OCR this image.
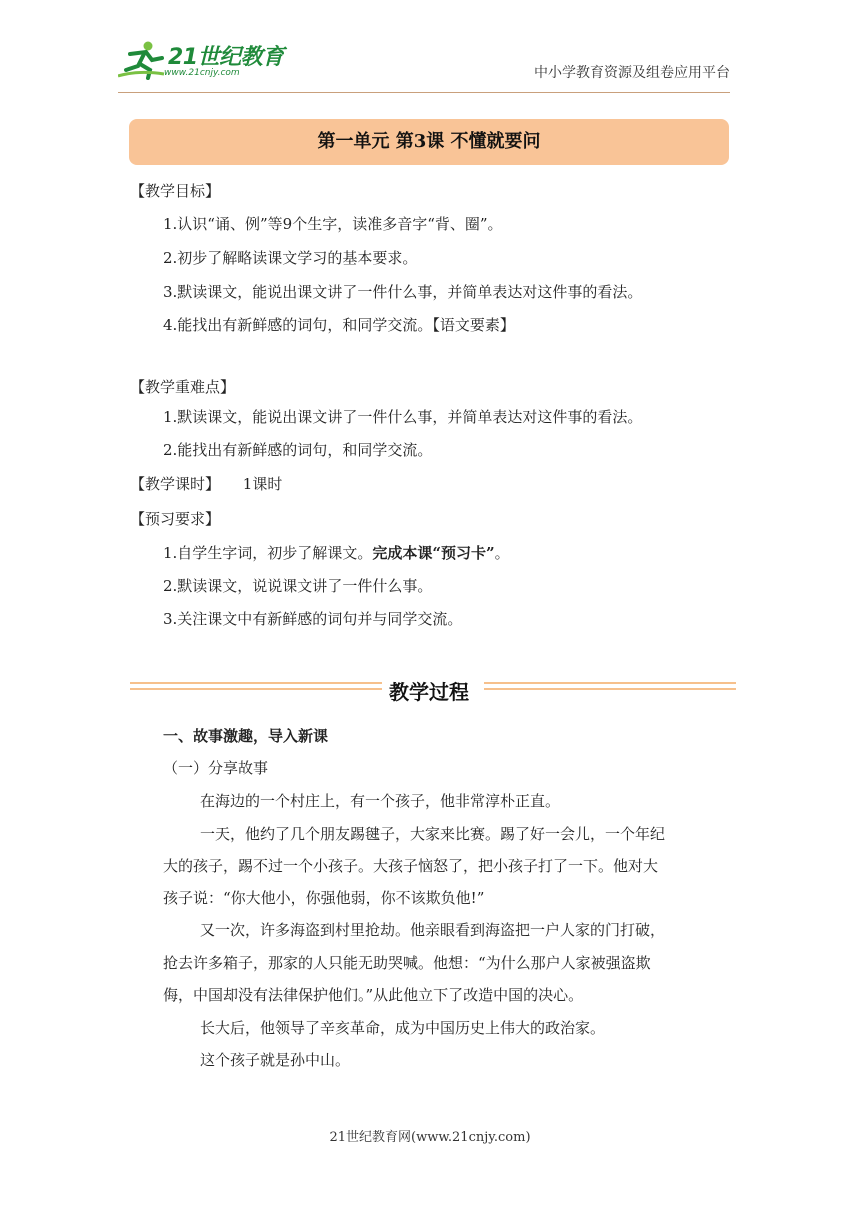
21世纪教育
www.21cnjy.com	中小学教育资源及组卷应用平台
第一单元 第3课 不懂就要问
【教学目标】
1.认识“诵、例”等9个生字，读准多音字“背、圈”。
2.初步了解略读课文学习的基本要求。
3.默读课文，能说出课文讲了一件什么事，并简单表达对这件事的看法。
4.能找出有新鲜感的词句，和同学交流。【语文要素】
【教学重难点】
1.默读课文，能说出课文讲了一件什么事，并简单表达对这件事的看法。
2.能找出有新鲜感的词句，和同学交流。
【教学课时】 1课时
【预习要求】
1.自学生字词，初步了解课文。完成本课“预习卡”。
2.默读课文，说说课文讲了一件什么事。
3.关注课文中有新鲜感的词句并与同学交流。
教学过程
一、故事激趣，导入新课
（一）分享故事
在海边的一个村庄上，有一个孩子，他非常淳朴正直。
一天，他约了几个朋友踢毽子，大家来比赛。踢了好一会儿，一个年纪
大的孩子，踢不过一个小孩子。大孩子恼怒了，把小孩子打了一下。他对大
孩子说：“你大他小，你强他弱，你不该欺负他!”
又一次，许多海盗到村里抢劫。他亲眼看到海盗把一户人家的门打破，
抢去许多箱子，那家的人只能无助哭喊。他想：“为什么那户人家被强盗欺
侮，中国却没有法律保护他们。”从此他立下了改造中国的决心。
长大后，他领导了辛亥革命，成为中国历史上伟大的政治家。
这个孩子就是孙中山。
21世纪教育网(www.21cnjy.com)
